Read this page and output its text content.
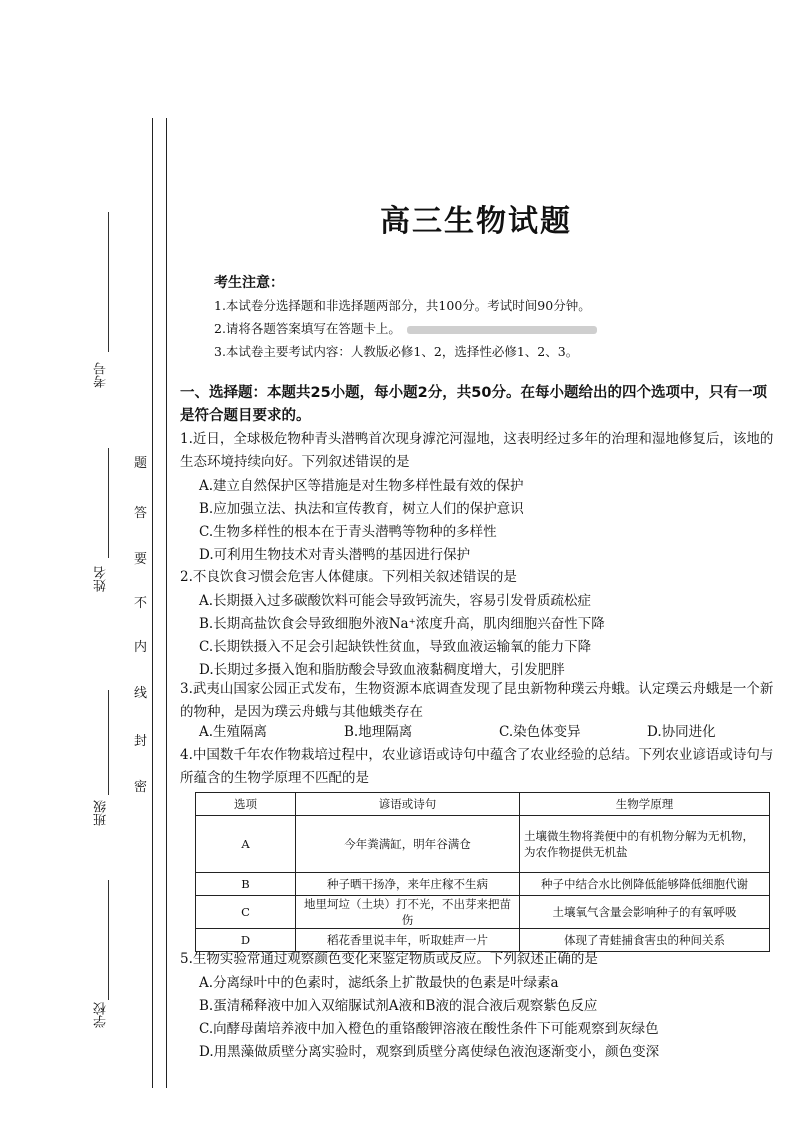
考号
姓名
班级
学校
题
答
要
不
内
线
封
密
高三生物试题
考生注意：
1.本试卷分选择题和非选择题两部分，共100分。考试时间90分钟。
2.请将各题答案填写在答题卡上。
3.本试卷主要考试内容：人教版必修1、2，选择性必修1、2、3。
一、选择题：本题共25小题，每小题2分，共50分。在每小题给出的四个选项中，只有一项是符合题目要求的。
1.近日，全球极危物种青头潜鸭首次现身滹沱河湿地，这表明经过多年的治理和湿地修复后，该地的生态环境持续向好。下列叙述错误的是
A.建立自然保护区等措施是对生物多样性最有效的保护
B.应加强立法、执法和宣传教育，树立人们的保护意识
C.生物多样性的根本在于青头潜鸭等物种的多样性
D.可利用生物技术对青头潜鸭的基因进行保护
2.不良饮食习惯会危害人体健康。下列相关叙述错误的是
A.长期摄入过多碳酸饮料可能会导致钙流失，容易引发骨质疏松症
B.长期高盐饮食会导致细胞外液Na⁺浓度升高，肌肉细胞兴奋性下降
C.长期铁摄入不足会引起缺铁性贫血，导致血液运输氧的能力下降
D.长期过多摄入饱和脂肪酸会导致血液黏稠度增大，引发肥胖
3.武夷山国家公园正式发布，生物资源本底调查发现了昆虫新物种璞云舟蛾。认定璞云舟蛾是一个新的物种，是因为璞云舟蛾与其他蛾类存在
A.生殖隔离	B.地理隔离	C.染色体变异	D.协同进化
4.中国数千年农作物栽培过程中，农业谚语或诗句中蕴含了农业经验的总结。下列农业谚语或诗句与所蕴含的生物学原理不匹配的是
选项	谚语或诗句	生物学原理
A	今年粪满缸，明年谷满仓	土壤微生物将粪便中的有机物分解为无机物，为农作物提供无机盐
B	种子晒干扬净，来年庄稼不生病	种子中结合水比例降低能够降低细胞代谢
C	地里坷垃（土块）打不光，不出芽来把苗伤	土壤氧气含量会影响种子的有氧呼吸
D	稻花香里说丰年，听取蛙声一片	体现了青蛙捕食害虫的种间关系
5.生物实验常通过观察颜色变化来鉴定物质或反应。下列叙述正确的是
A.分离绿叶中的色素时，滤纸条上扩散最快的色素是叶绿素a
B.蛋清稀释液中加入双缩脲试剂A液和B液的混合液后观察紫色反应
C.向酵母菌培养液中加入橙色的重铬酸钾溶液在酸性条件下可能观察到灰绿色
D.用黑藻做质壁分离实验时，观察到质壁分离使绿色液泡逐渐变小，颜色变深
